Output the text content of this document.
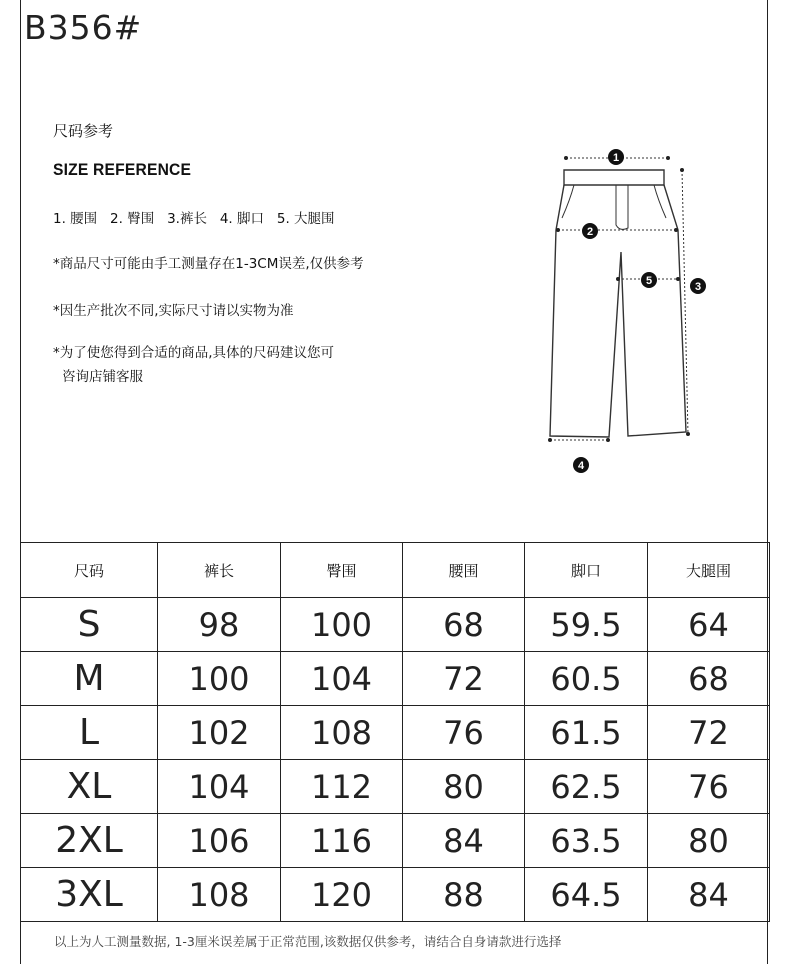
B356#
尺码参考
SIZE REFERENCE
1. 腰围   2. 臀围   3.裤长   4. 脚口   5. 大腿围
*商品尺寸可能由手工测量存在1-3CM误差,仅供参考
*因生产批次不同,实际尺寸请以实物为准
*为了使您得到合适的商品,具体的尺码建议您可
咨询店铺客服
1
2
3
4
5
尺码	裤长	臀围	腰围	脚口	大腿围
S	98	100	68	59.5	64
M	100	104	72	60.5	68
L	102	108	76	61.5	72
XL	104	112	80	62.5	76
2XL	106	116	84	63.5	80
3XL	108	120	88	64.5	84
以上为人工测量数据, 1-3厘米误差属于正常范围,该数据仅供参考，请结合自身请款进行选择
